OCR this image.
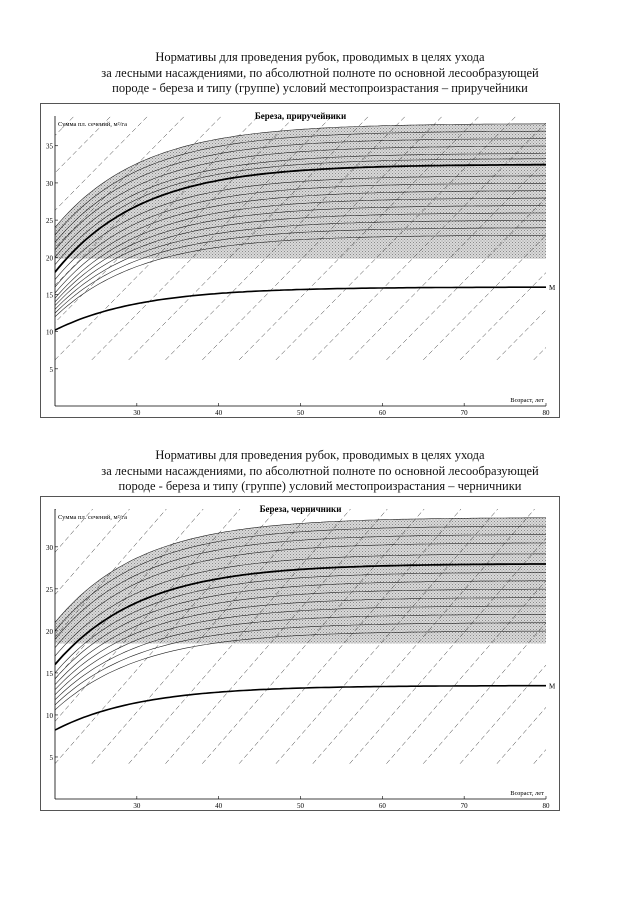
Нормативы для проведения рубок, проводимых в целях ухода
за лесными насаждениями, по абсолютной полноте по основной лесообразующей
породе - береза и типу (группе) условий местопроизрастания – приручейники
5
10
15
20
25
30
35
30	40	50	60	70	80
Береза, приручейники
Сумма пл. сечений, м²/га
Возраст, лет
M
Нормативы для проведения рубок, проводимых в целях ухода
за лесными насаждениями, по абсолютной полноте по основной лесообразующей
породе - береза и типу (группе) условий местопроизрастания – черничники
5
10
15
20
25
30
30	40	50	60	70	80
Береза, черничники
Сумма пл. сечений, м²/га
Возраст, лет
M
